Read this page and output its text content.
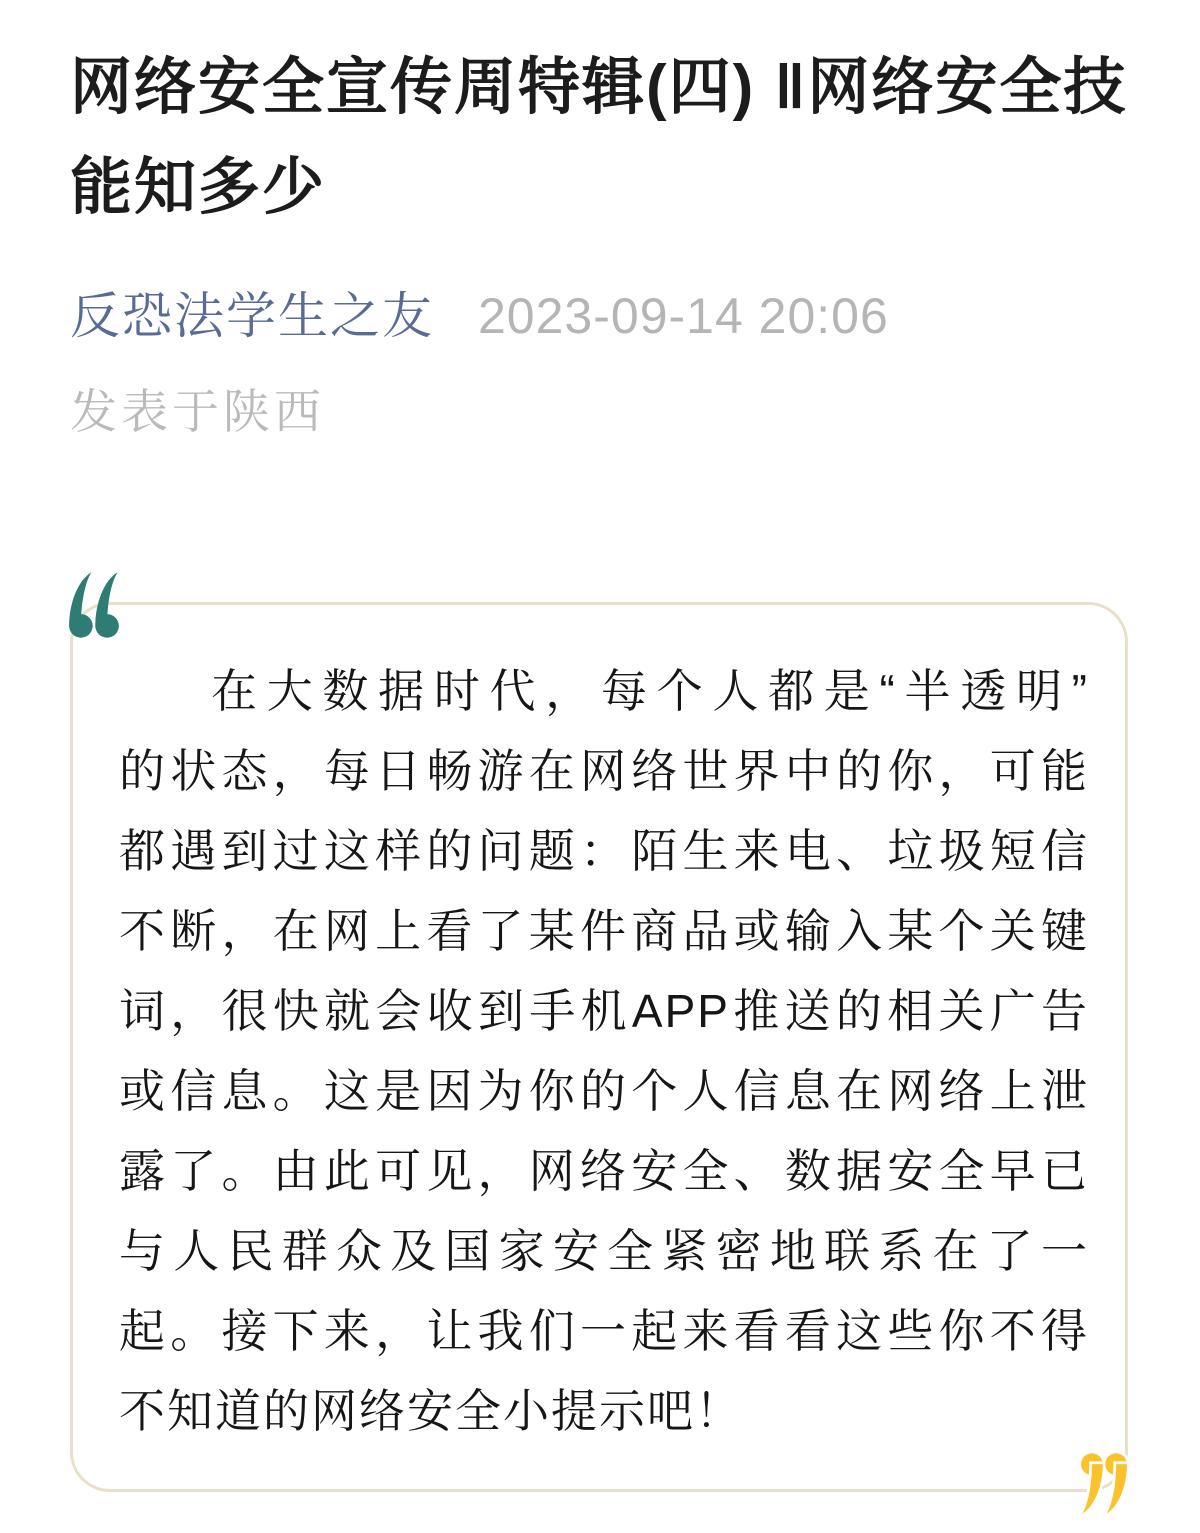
网络安全宣传周特辑(四) ‖网络安全技能知多少
反恐法学生之友 2023-09-14 20:06
发表于陕西
在大数据时代，每个人都是“半透明”
的状态，每日畅游在网络世界中的你，可能
都遇到过这样的问题：陌生来电、垃圾短信
不断，在网上看了某件商品或输入某个关键
词，很快就会收到手机APP推送的相关广告
或信息。这是因为你的个人信息在网络上泄
露了。由此可见，网络安全、数据安全早已
与人民群众及国家安全紧密地联系在了一
起。接下来，让我们一起来看看这些你不得
不知道的网络安全小提示吧！
